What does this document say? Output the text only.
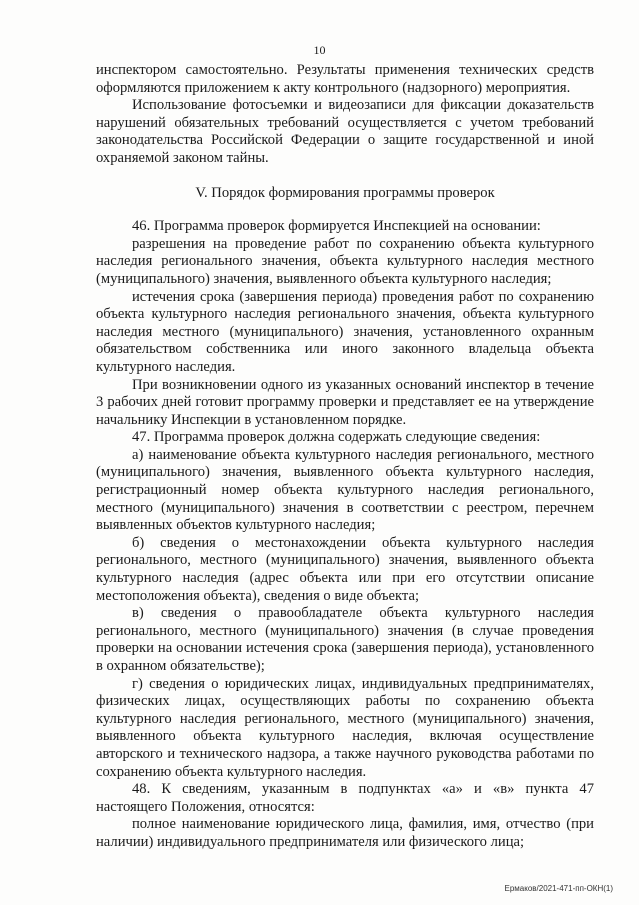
10

инспектором самостоятельно. Результаты применения технических средств оформляются приложением к акту контрольного (надзорного) мероприятия.

Использование фотосъемки и видеозаписи для фиксации доказательств нарушений обязательных требований осуществляется с учетом требований законодательства Российской Федерации о защите государственной и иной охраняемой законом тайны.

V. Порядок формирования программы проверок

46. Программа проверок формируется Инспекцией на основании:

разрешения на проведение работ по сохранению объекта культурного наследия регионального значения, объекта культурного наследия местного (муниципального) значения, выявленного объекта культурного наследия;

истечения срока (завершения периода) проведения работ по сохранению объекта культурного наследия регионального значения, объекта культурного наследия местного (муниципального) значения, установленного охранным обязательством собственника или иного законного владельца объекта культурного наследия.

При возникновении одного из указанных оснований инспектор в течение 3 рабочих дней готовит программу проверки и представляет ее на утверждение начальнику Инспекции в установленном порядке.

47. Программа проверок должна содержать следующие сведения:

а) наименование объекта культурного наследия регионального, местного (муниципального) значения, выявленного объекта культурного наследия, регистрационный номер объекта культурного наследия регионального, местного (муниципального) значения в соответствии с реестром, перечнем выявленных объектов культурного наследия;

б) сведения о местонахождении объекта культурного наследия регионального, местного (муниципального) значения, выявленного объекта культурного наследия (адрес объекта или при его отсутствии описание местоположения объекта), сведения о виде объекта;

в) сведения о правообладателе объекта культурного наследия регионального, местного (муниципального) значения (в случае проведения проверки на основании истечения срока (завершения периода), установленного в охранном обязательстве);

г) сведения о юридических лицах, индивидуальных предпринимателях, физических лицах, осуществляющих работы по сохранению объекта культурного наследия регионального, местного (муниципального) значения, выявленного объекта культурного наследия, включая осуществление авторского и технического надзора, а также научного руководства работами по сохранению объекта культурного наследия.

48. К сведениям, указанным в подпунктах «а» и «в» пункта 47 настоящего Положения, относятся:

полное наименование юридического лица, фамилия, имя, отчество (при наличии) индивидуального предпринимателя или физического лица;

Ермаков/2021-471-пп-ОКН(1)
